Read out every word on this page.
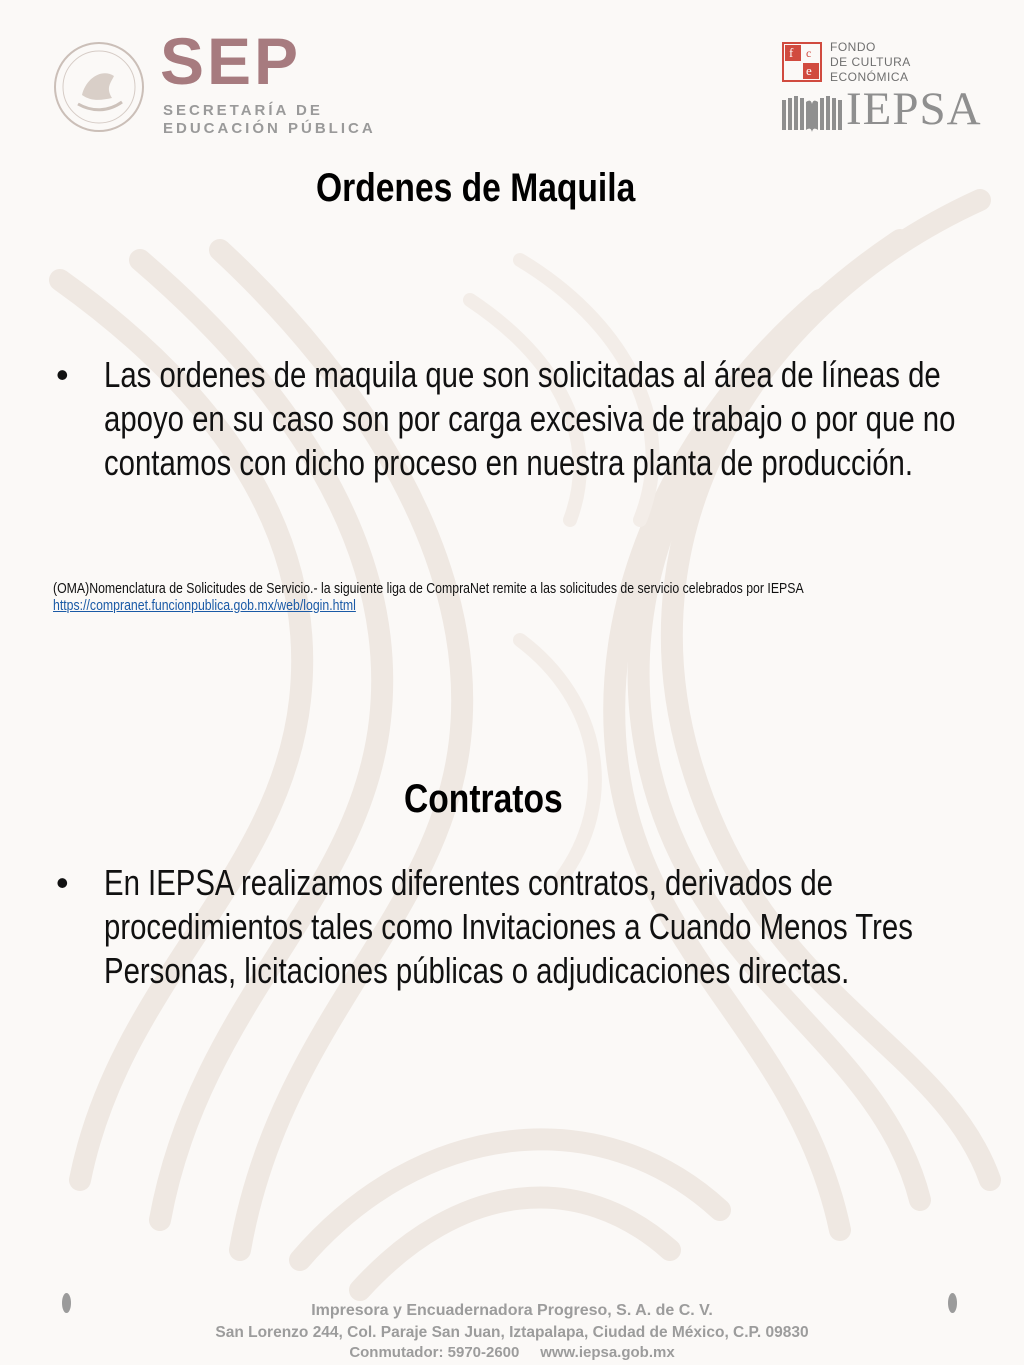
SEP
SECRETARÍA DE
EDUCACIÓN PÚBLICA
f
e
c FONDO
DE CULTURA
ECONÓMICA
IEPSA
Ordenes de Maquila
• Las ordenes de maquila que son solicitadas al área de líneas de apoyo en su caso son por carga excesiva de trabajo o por que no contamos con dicho proceso en nuestra planta de producción.
(OMA)Nomenclatura de Solicitudes de Servicio.- la siguiente liga de CompraNet remite a las solicitudes de servicio celebrados por IEPSA  https://compranet.funcionpublica.gob.mx/web/login.html
Contratos
• En IEPSA realizamos diferentes contratos, derivados de procedimientos tales como Invitaciones a Cuando Menos Tres Personas, licitaciones públicas o adjudicaciones directas.
Impresora y Encuadernadora Progreso, S. A. de C. V.
San Lorenzo 244, Col. Paraje San Juan, Iztapalapa, Ciudad de México, C.P. 09830
Conmutador: 5970-2600     www.iepsa.gob.mx
